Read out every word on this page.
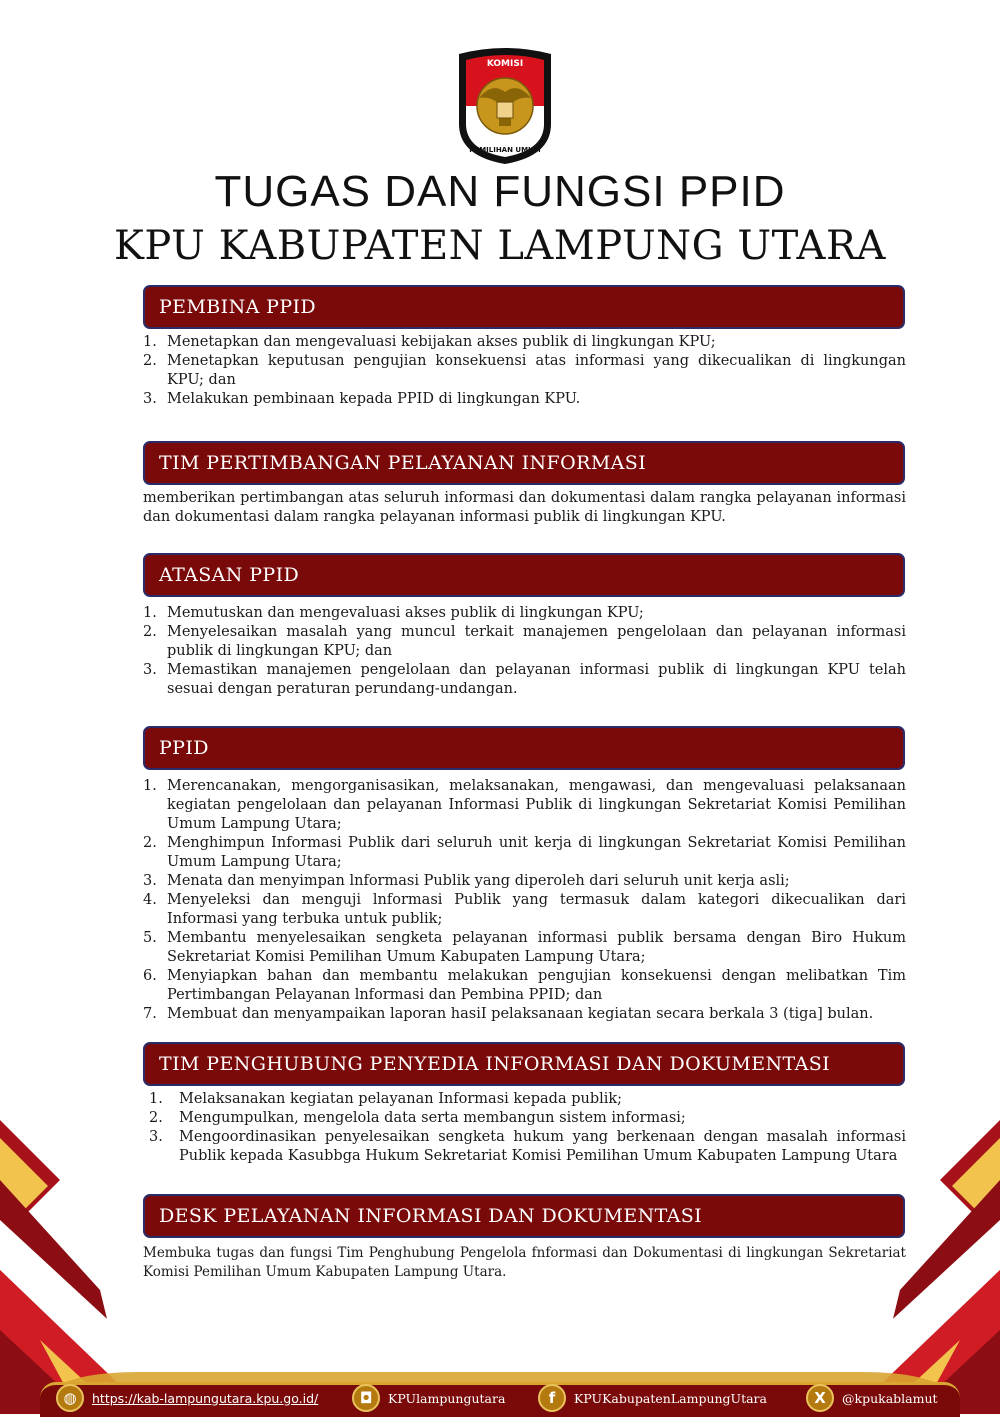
KOMISI
PEMILIHAN UMUM
TUGAS DAN FUNGSI PPID
KPU KABUPATEN LAMPUNG UTARA
PEMBINA PPID
1. Menetapkan dan mengevaluasi kebijakan akses publik di lingkungan KPU;
2. Menetapkan keputusan pengujian konsekuensi atas informasi yang dikecualikan di lingkungan KPU; dan
3. Melakukan pembinaan kepada PPID di lingkungan KPU.
TIM PERTIMBANGAN PELAYANAN INFORMASI
memberikan pertimbangan atas seluruh informasi dan dokumentasi dalam rangka pelayanan informasi dan dokumentasi dalam rangka pelayanan informasi publik di lingkungan KPU.
ATASAN PPID
1. Memutuskan dan mengevaluasi akses publik di lingkungan KPU;
2. Menyelesaikan masalah yang muncul terkait manajemen pengelolaan dan pelayanan informasi publik di lingkungan KPU; dan
3. Memastikan manajemen pengelolaan dan pelayanan informasi publik di lingkungan KPU telah sesuai dengan peraturan perundang-undangan.
PPID
1. Merencanakan, mengorganisasikan, melaksanakan, mengawasi, dan mengevaluasi pelaksanaan kegiatan pengelolaan dan pelayanan Informasi Publik di lingkungan Sekretariat Komisi Pemilihan Umum Lampung Utara;
2. Menghimpun Informasi Publik dari seluruh unit kerja di lingkungan Sekretariat Komisi Pemilihan Umum Lampung Utara;
3. Menata dan menyimpan lnformasi Publik yang diperoleh dari seluruh unit kerja asli;
4. Menyeleksi dan menguji lnformasi Publik yang termasuk dalam kategori dikecualikan dari Informasi yang terbuka untuk publik;
5. Membantu menyelesaikan sengketa pelayanan informasi publik bersama dengan Biro Hukum Sekretariat Komisi Pemilihan Umum Kabupaten Lampung Utara;
6. Menyiapkan bahan dan membantu melakukan pengujian konsekuensi dengan melibatkan Tim Pertimbangan Pelayanan lnformasi dan Pembina PPID; dan
7. Membuat dan menyampaikan laporan hasiI pelaksanaan kegiatan secara berkala 3 (tiga] bulan.
TIM PENGHUBUNG PENYEDIA INFORMASI DAN DOKUMENTASI
1. Melaksanakan kegiatan pelayanan Informasi kepada publik;
2. Mengumpulkan, mengelola data serta membangun sistem informasi;
3. Mengoordinasikan penyelesaikan sengketa hukum yang berkenaan dengan masalah informasi Publik kepada Kasubbga Hukum Sekretariat Komisi Pemilihan Umum Kabupaten Lampung Utara
DESK PELAYANAN INFORMASI DAN DOKUMENTASI
Membuka tugas dan fungsi Tim Penghubung Pengelola fnformasi dan Dokumentasi di lingkungan Sekretariat Komisi Pemilihan Umum Kabupaten Lampung Utara.
◍	https://kab-lampungutara.kpu.go.id/	◘	KPUlampungutara	f	KPUKabupatenLampungUtara	X	@kpukablamut
